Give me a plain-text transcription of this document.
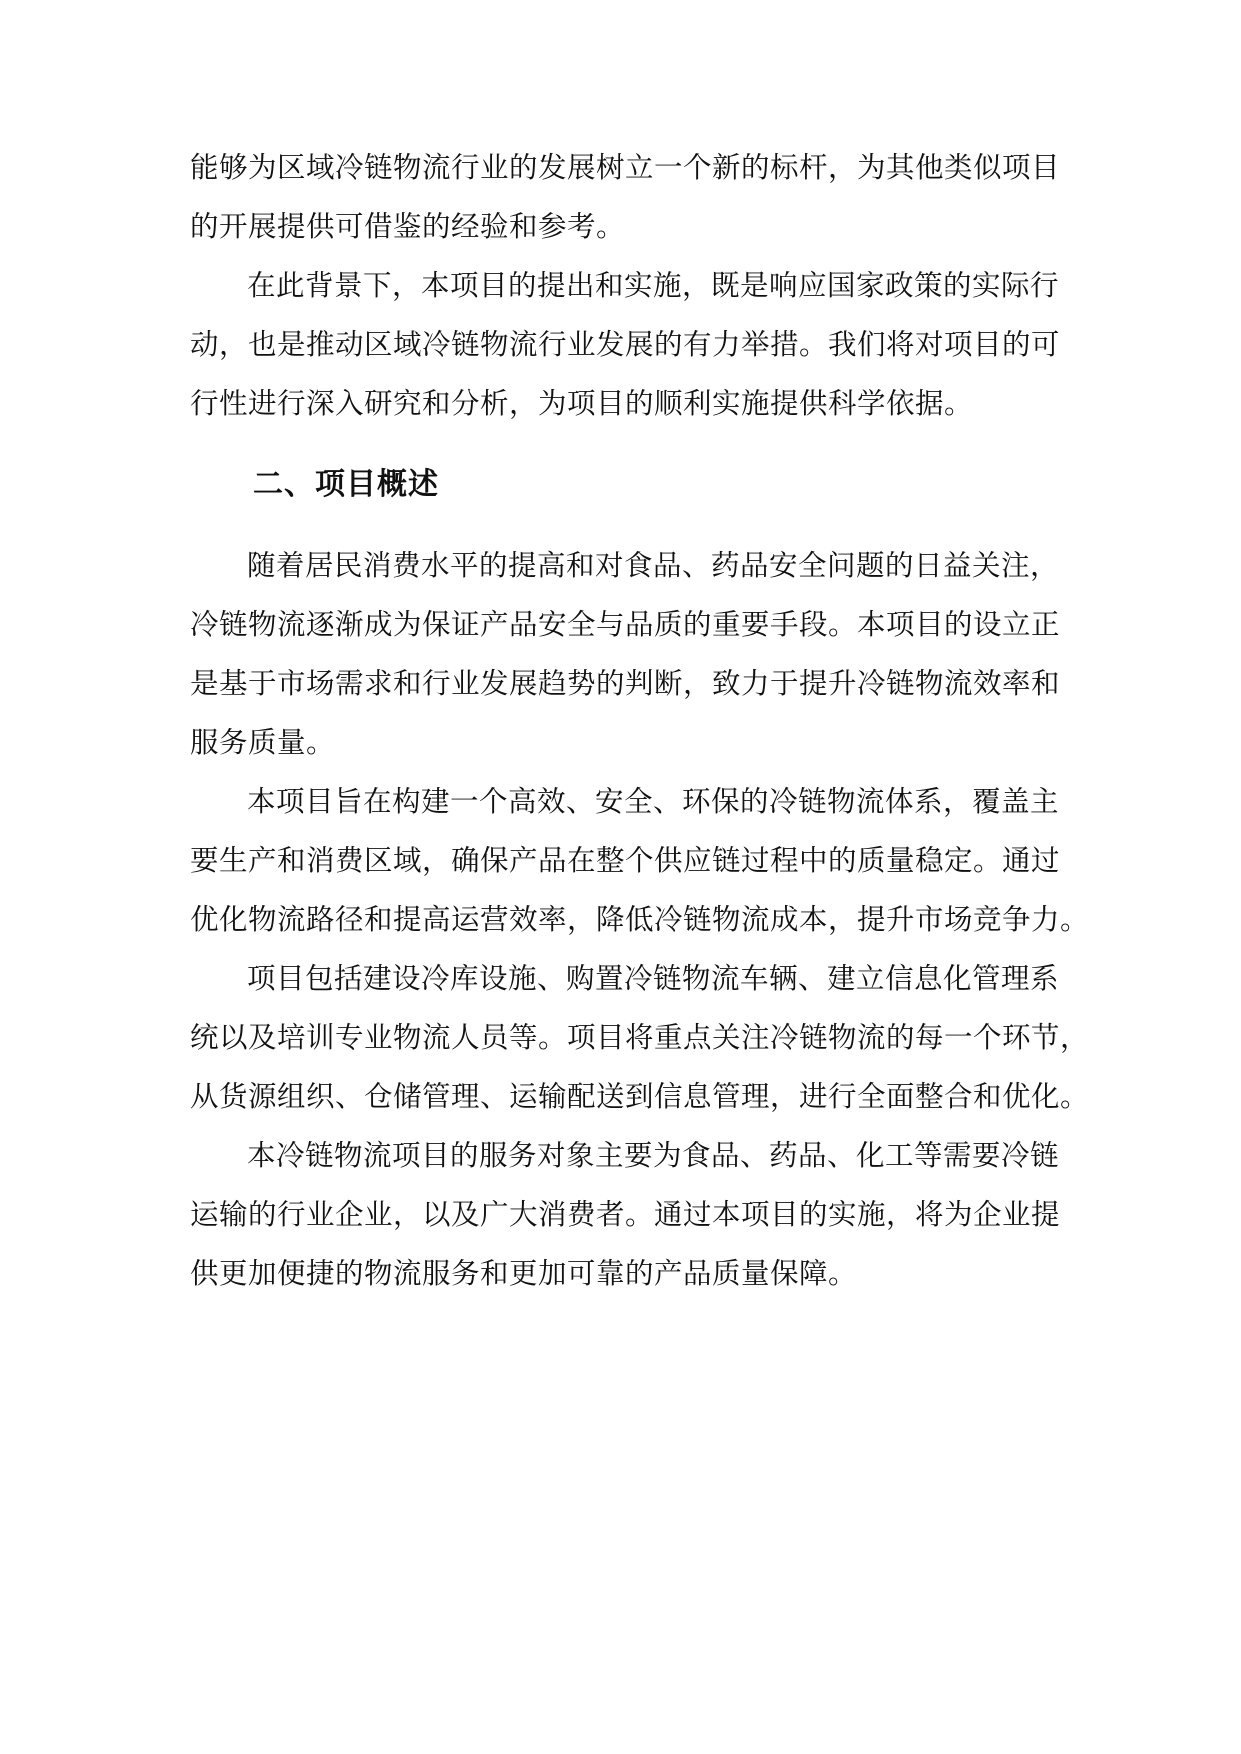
能够为区域冷链物流行业的发展树立一个新的标杆，为其他类似项目
的开展提供可借鉴的经验和参考。

在此背景下，本项目的提出和实施，既是响应国家政策的实际行
动，也是推动区域冷链物流行业发展的有力举措。我们将对项目的可
行性进行深入研究和分析，为项目的顺利实施提供科学依据。

二、项目概述

随着居民消费水平的提高和对食品、药品安全问题的日益关注，
冷链物流逐渐成为保证产品安全与品质的重要手段。本项目的设立正
是基于市场需求和行业发展趋势的判断，致力于提升冷链物流效率和
服务质量。

本项目旨在构建一个高效、安全、环保的冷链物流体系，覆盖主
要生产和消费区域，确保产品在整个供应链过程中的质量稳定。通过
优化物流路径和提高运营效率，降低冷链物流成本，提升市场竞争力。

项目包括建设冷库设施、购置冷链物流车辆、建立信息化管理系
统以及培训专业物流人员等。项目将重点关注冷链物流的每一个环节，
从货源组织、仓储管理、运输配送到信息管理，进行全面整合和优化。

本冷链物流项目的服务对象主要为食品、药品、化工等需要冷链
运输的行业企业，以及广大消费者。通过本项目的实施，将为企业提
供更加便捷的物流服务和更加可靠的产品质量保障。
